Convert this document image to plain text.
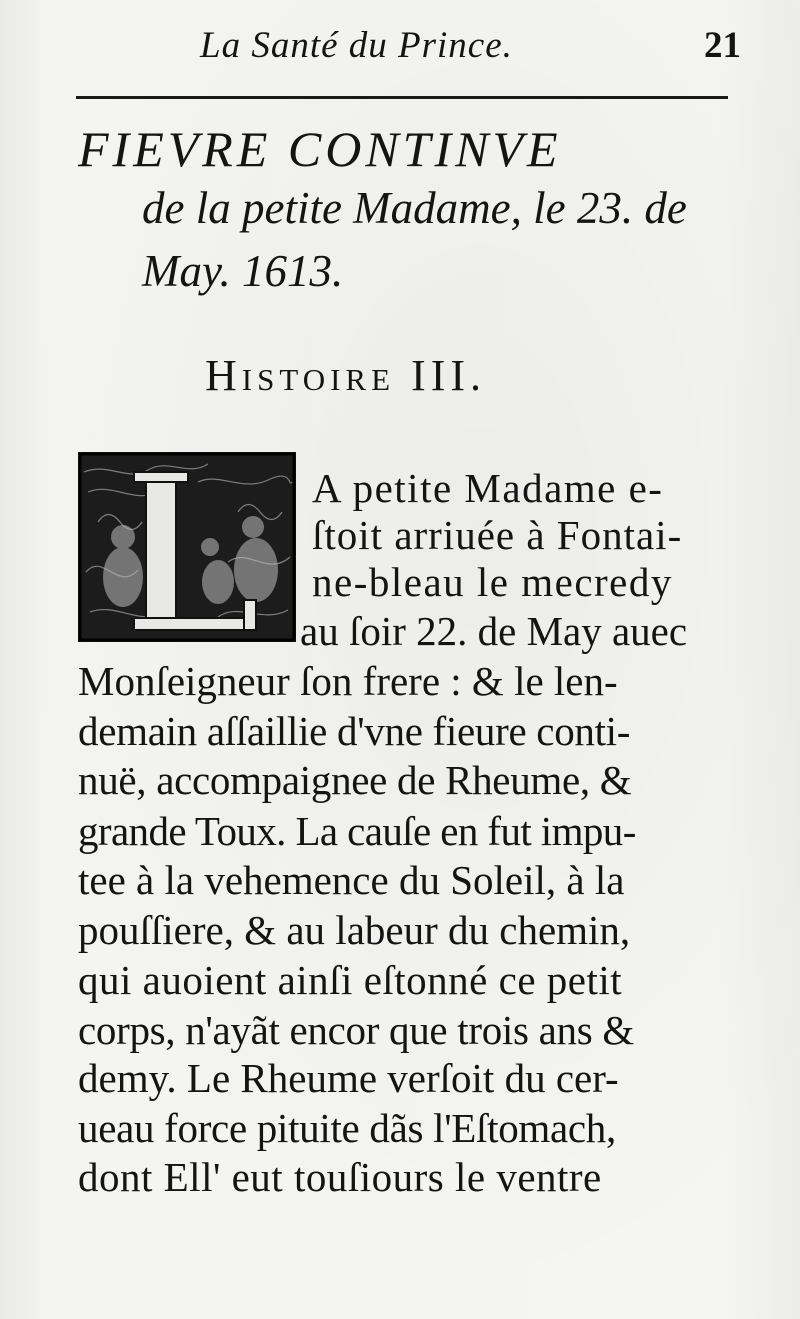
La Santé du Prince.	21
FIEVRE CONTINVE
de la petite Madame, le 23. de
May. 1613.
Histoire III.
A petite Madame e-
ſtoit arriuée à Fontai-
ne-bleau le mecredy
au ſoir 22. de May auec
Monſeigneur ſon frere : & le len-
demain aſſaillie d'vne fieure conti-
nuë, accompaignee de Rheume, &
grande Toux. La cauſe en fut impu-
tee à la vehemence du Soleil, à la
pouſſiere, & au labeur du chemin,
qui auoient ainſi eſtonné ce petit
corps, n'ayãt encor que trois ans &
demy. Le Rheume verſoit du cer-
ueau force pituite dãs l'Eſtomach,
dont Ell' eut touſiours le ventre
